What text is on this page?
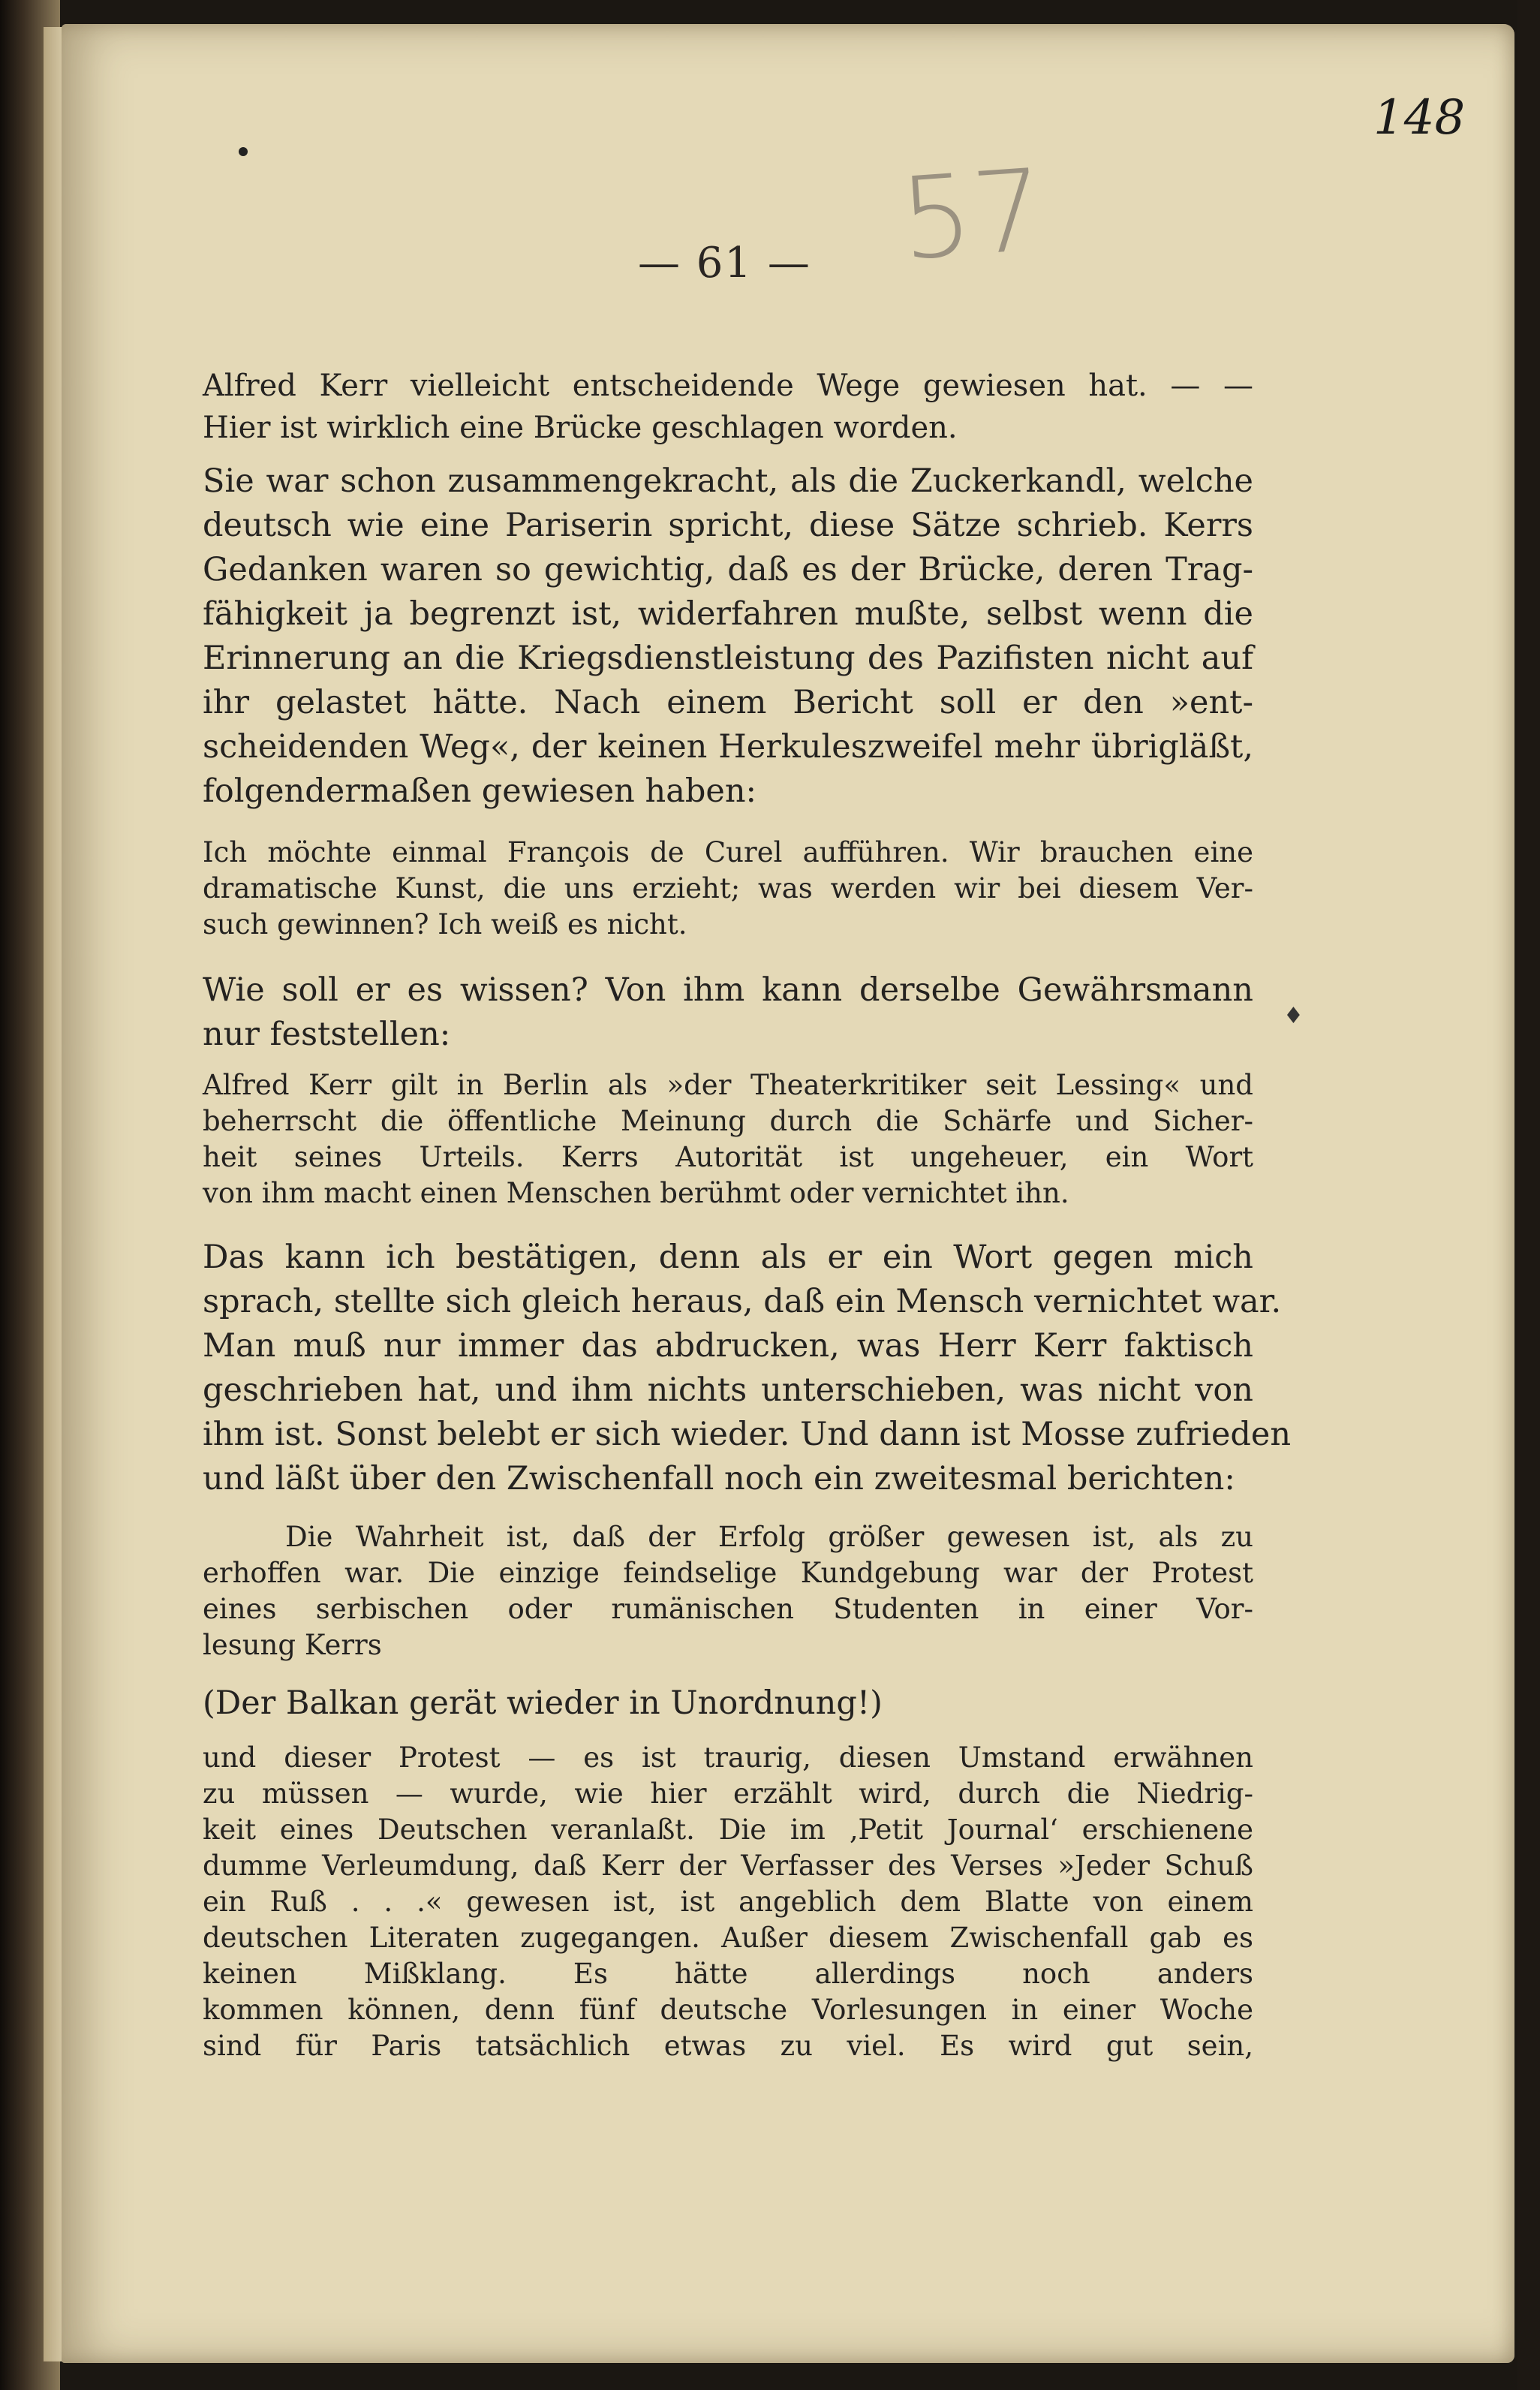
148
57
— 61 —
Alfred Kerr vielleicht entscheidende Wege gewiesen hat. — —
Hier ist wirklich eine Brücke geschlagen worden.
Sie war schon zusammengekracht, als die Zuckerkandl, welche
deutsch wie eine Pariserin spricht, diese Sätze schrieb. Kerrs
Gedanken waren so gewichtig, daß es der Brücke, deren Trag-
fähigkeit ja begrenzt ist, widerfahren mußte, selbst wenn die
Erinnerung an die Kriegsdienstleistung des Pazifisten nicht auf
ihr gelastet hätte. Nach einem Bericht soll er den »ent-
scheidenden Weg«, der keinen Herkuleszweifel mehr übrigläßt,
folgendermaßen gewiesen haben:
Ich möchte einmal François de Curel aufführen. Wir brauchen eine
dramatische Kunst, die uns erzieht; was werden wir bei diesem Ver-
such gewinnen? Ich weiß es nicht.
Wie soll er es wissen? Von ihm kann derselbe Gewährsmann
nur feststellen:	♦
Alfred Kerr gilt in Berlin als »der Theaterkritiker seit Lessing« und
beherrscht die öffentliche Meinung durch die Schärfe und Sicher-
heit seines Urteils. Kerrs Autorität ist ungeheuer, ein Wort
von ihm macht einen Menschen berühmt oder vernichtet ihn.
Das kann ich bestätigen, denn als er ein Wort gegen mich
sprach, stellte sich gleich heraus, daß ein Mensch vernichtet war.
Man muß nur immer das abdrucken, was Herr Kerr faktisch
geschrieben hat, und ihm nichts unterschieben, was nicht von
ihm ist. Sonst belebt er sich wieder. Und dann ist Mosse zufrieden
und läßt über den Zwischenfall noch ein zweitesmal berichten:
Die Wahrheit ist, daß der Erfolg größer gewesen ist, als zu
erhoffen war. Die einzige feindselige Kundgebung war der Protest
eines serbischen oder rumänischen Studenten in einer Vor-
lesung Kerrs
(Der Balkan gerät wieder in Unordnung!)
und dieser Protest — es ist traurig, diesen Umstand erwähnen
zu müssen — wurde, wie hier erzählt wird, durch die Niedrig-
keit eines Deutschen veranlaßt. Die im ‚Petit Journal‘ erschienene
dumme Verleumdung, daß Kerr der Verfasser des Verses »Jeder Schuß
ein Ruß . . .« gewesen ist, ist angeblich dem Blatte von einem
deutschen Literaten zugegangen. Außer diesem Zwischenfall gab es
keinen Mißklang. Es hätte allerdings noch anders
kommen können, denn fünf deutsche Vorlesungen in einer Woche
sind für Paris tatsächlich etwas zu viel. Es wird gut sein,
